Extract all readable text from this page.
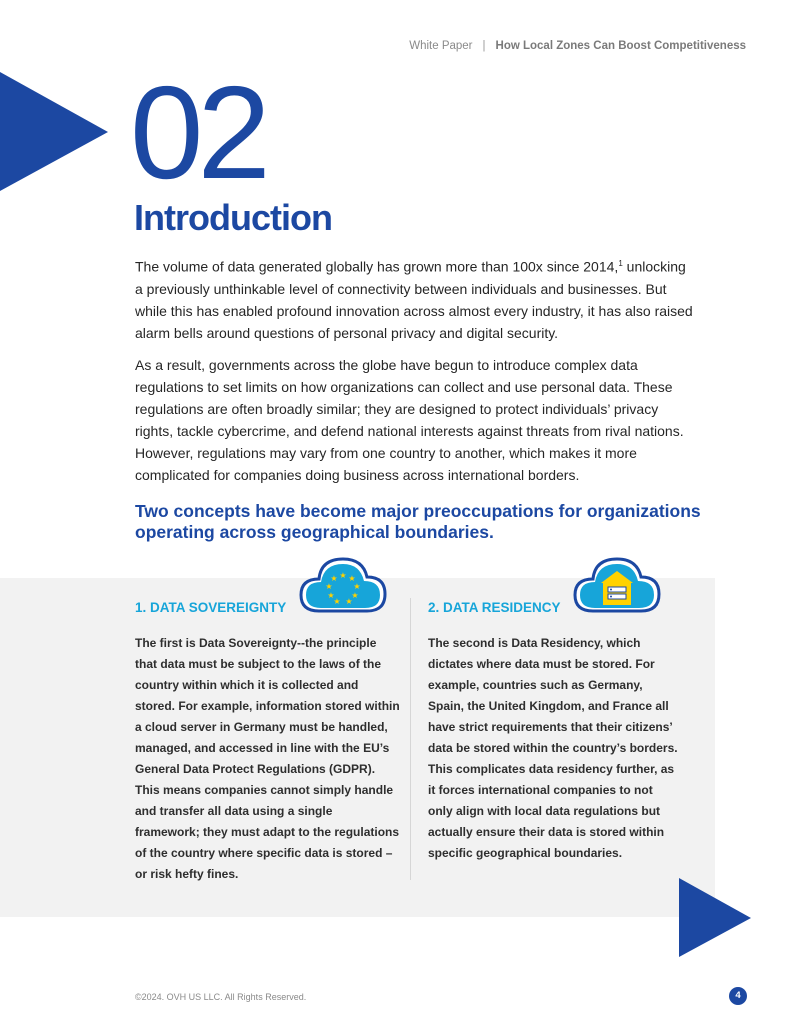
White Paper | How Local Zones Can Boost Competitiveness
02
Introduction

The volume of data generated globally has grown more than 100x since 2014,$^1$ unlocking a previously unthinkable level of connectivity between individuals and businesses. But while this has enabled profound innovation across almost every industry, it has also raised alarm bells around questions of personal privacy and digital security.

As a result, governments across the globe have begun to introduce complex data regulations to set limits on how organizations can collect and use personal data. These regulations are often broadly similar; they are designed to protect individuals’ privacy rights, tackle cybercrime, and defend national interests against threats from rival nations. However, regulations may vary from one country to another, which makes it more complicated for companies doing business across international borders.

Two concepts have become major preoccupations for organizations operating across geographical boundaries.
★ ★
★
★
★
★
★
★
★
1. DATA SOVEREIGNTY

The first is Data Sovereignty--the principle that data must be subject to the laws of the country within which it is collected and stored. For example, information stored within a cloud server in Germany must be handled, managed, and accessed in line with the EU’s General Data Protect Regulations (GDPR). This means companies cannot simply handle and transfer all data using a single framework; they must adapt to the regulations of the country where specific data is stored – or risk hefty fines.

2. DATA RESIDENCY

The second is Data Residency, which dictates where data must be stored. For example, countries such as Germany, Spain, the United Kingdom, and France all have strict requirements that their citizens’ data be stored within the country’s borders. This complicates data residency further, as it forces international companies to not only align with local data regulations but actually ensure their data is stored within specific geographical boundaries.

©2024. OVH US LLC. All Rights Reserved.	4
